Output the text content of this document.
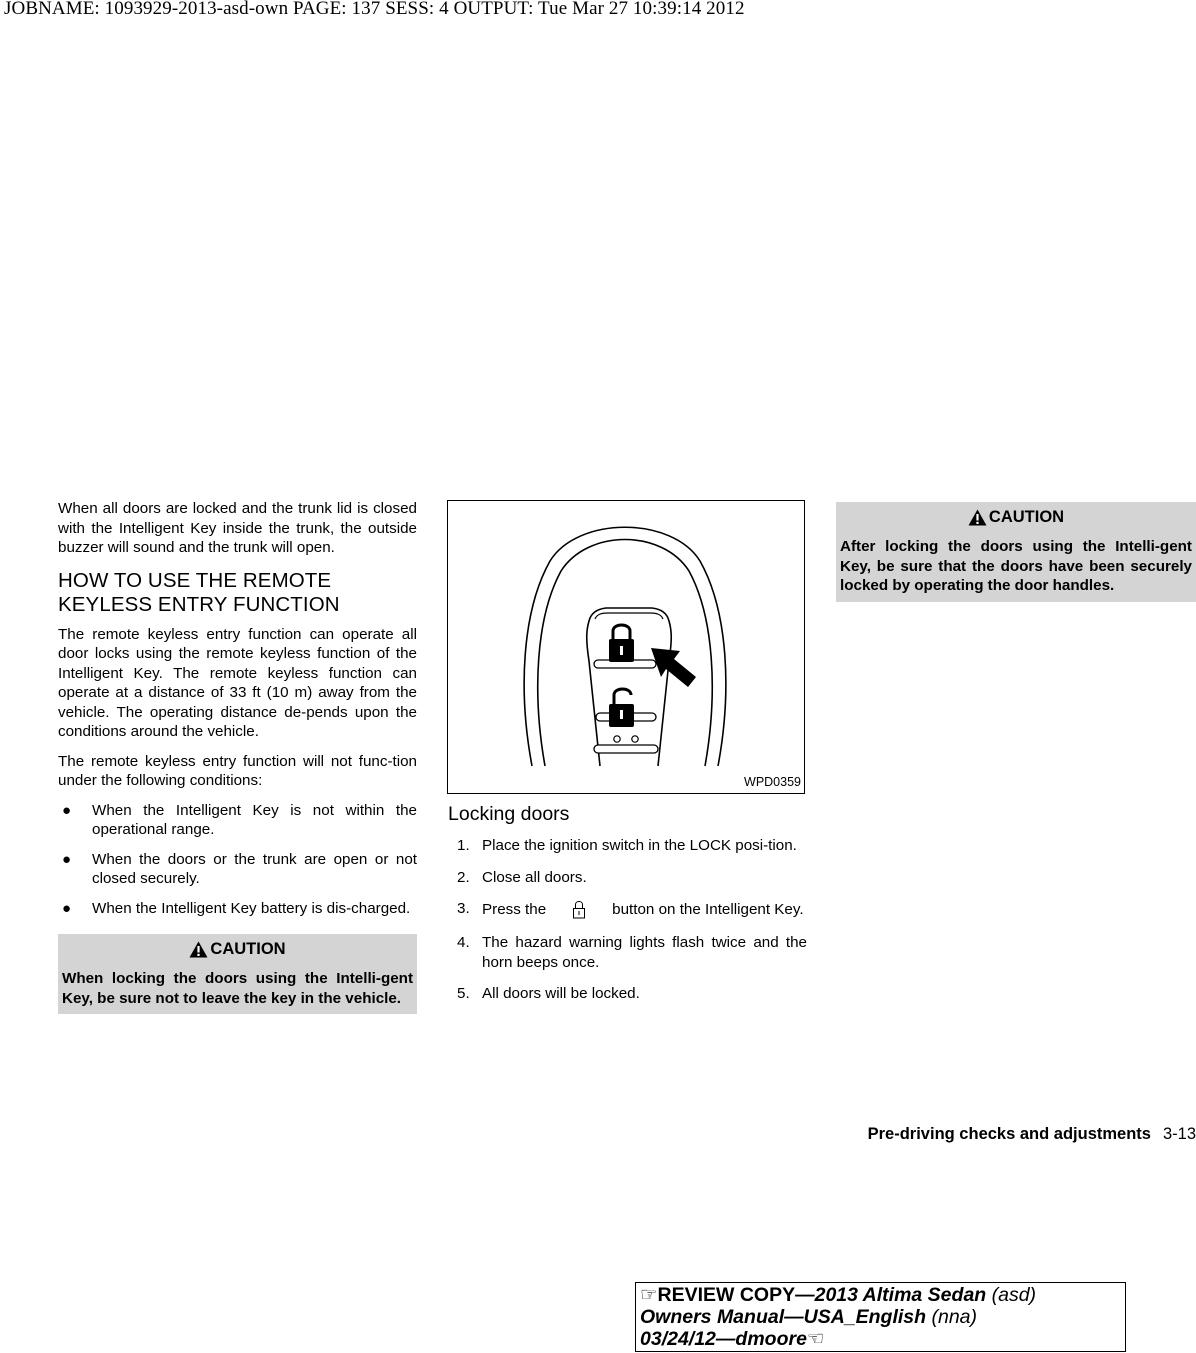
JOBNAME: 1093929-2013-asd-own PAGE: 137 SESS: 4 OUTPUT: Tue Mar 27 10:39:14 2012

When all doors are locked and the trunk lid is closed with the Intelligent Key inside the trunk, the outside buzzer will sound and the trunk will open.

HOW TO USE THE REMOTE
KEYLESS ENTRY FUNCTION

The remote keyless entry function can operate all door locks using the remote keyless function of the Intelligent Key. The remote keyless function can operate at a distance of 33 ft (10 m) away from the vehicle. The operating distance de-pends upon the conditions around the vehicle.

The remote keyless entry function will not func-tion under the following conditions:

● When the Intelligent Key is not within the operational range.
● When the doors or the trunk are open or not closed securely.
● When the Intelligent Key battery is dis-charged.
CAUTION

When locking the doors using the Intelli-gent Key, be sure not to leave the key in the vehicle.

WPD0359
Locking doors
1. Place the ignition switch in the LOCK posi-tion.
2. Close all doors.
3. Press the	button on the Intelligent Key.
4. The hazard warning lights flash twice and the horn beeps once.
5. All doors will be locked.
CAUTION

After locking the doors using the Intelli-gent Key, be sure that the doors have been securely locked by operating the door handles.

Pre-driving checks and adjustments 3-13
☞REVIEW COPY—2013 Altima Sedan (asd)
Owners Manual—USA_English (nna)
03/24/12—dmoore☜
